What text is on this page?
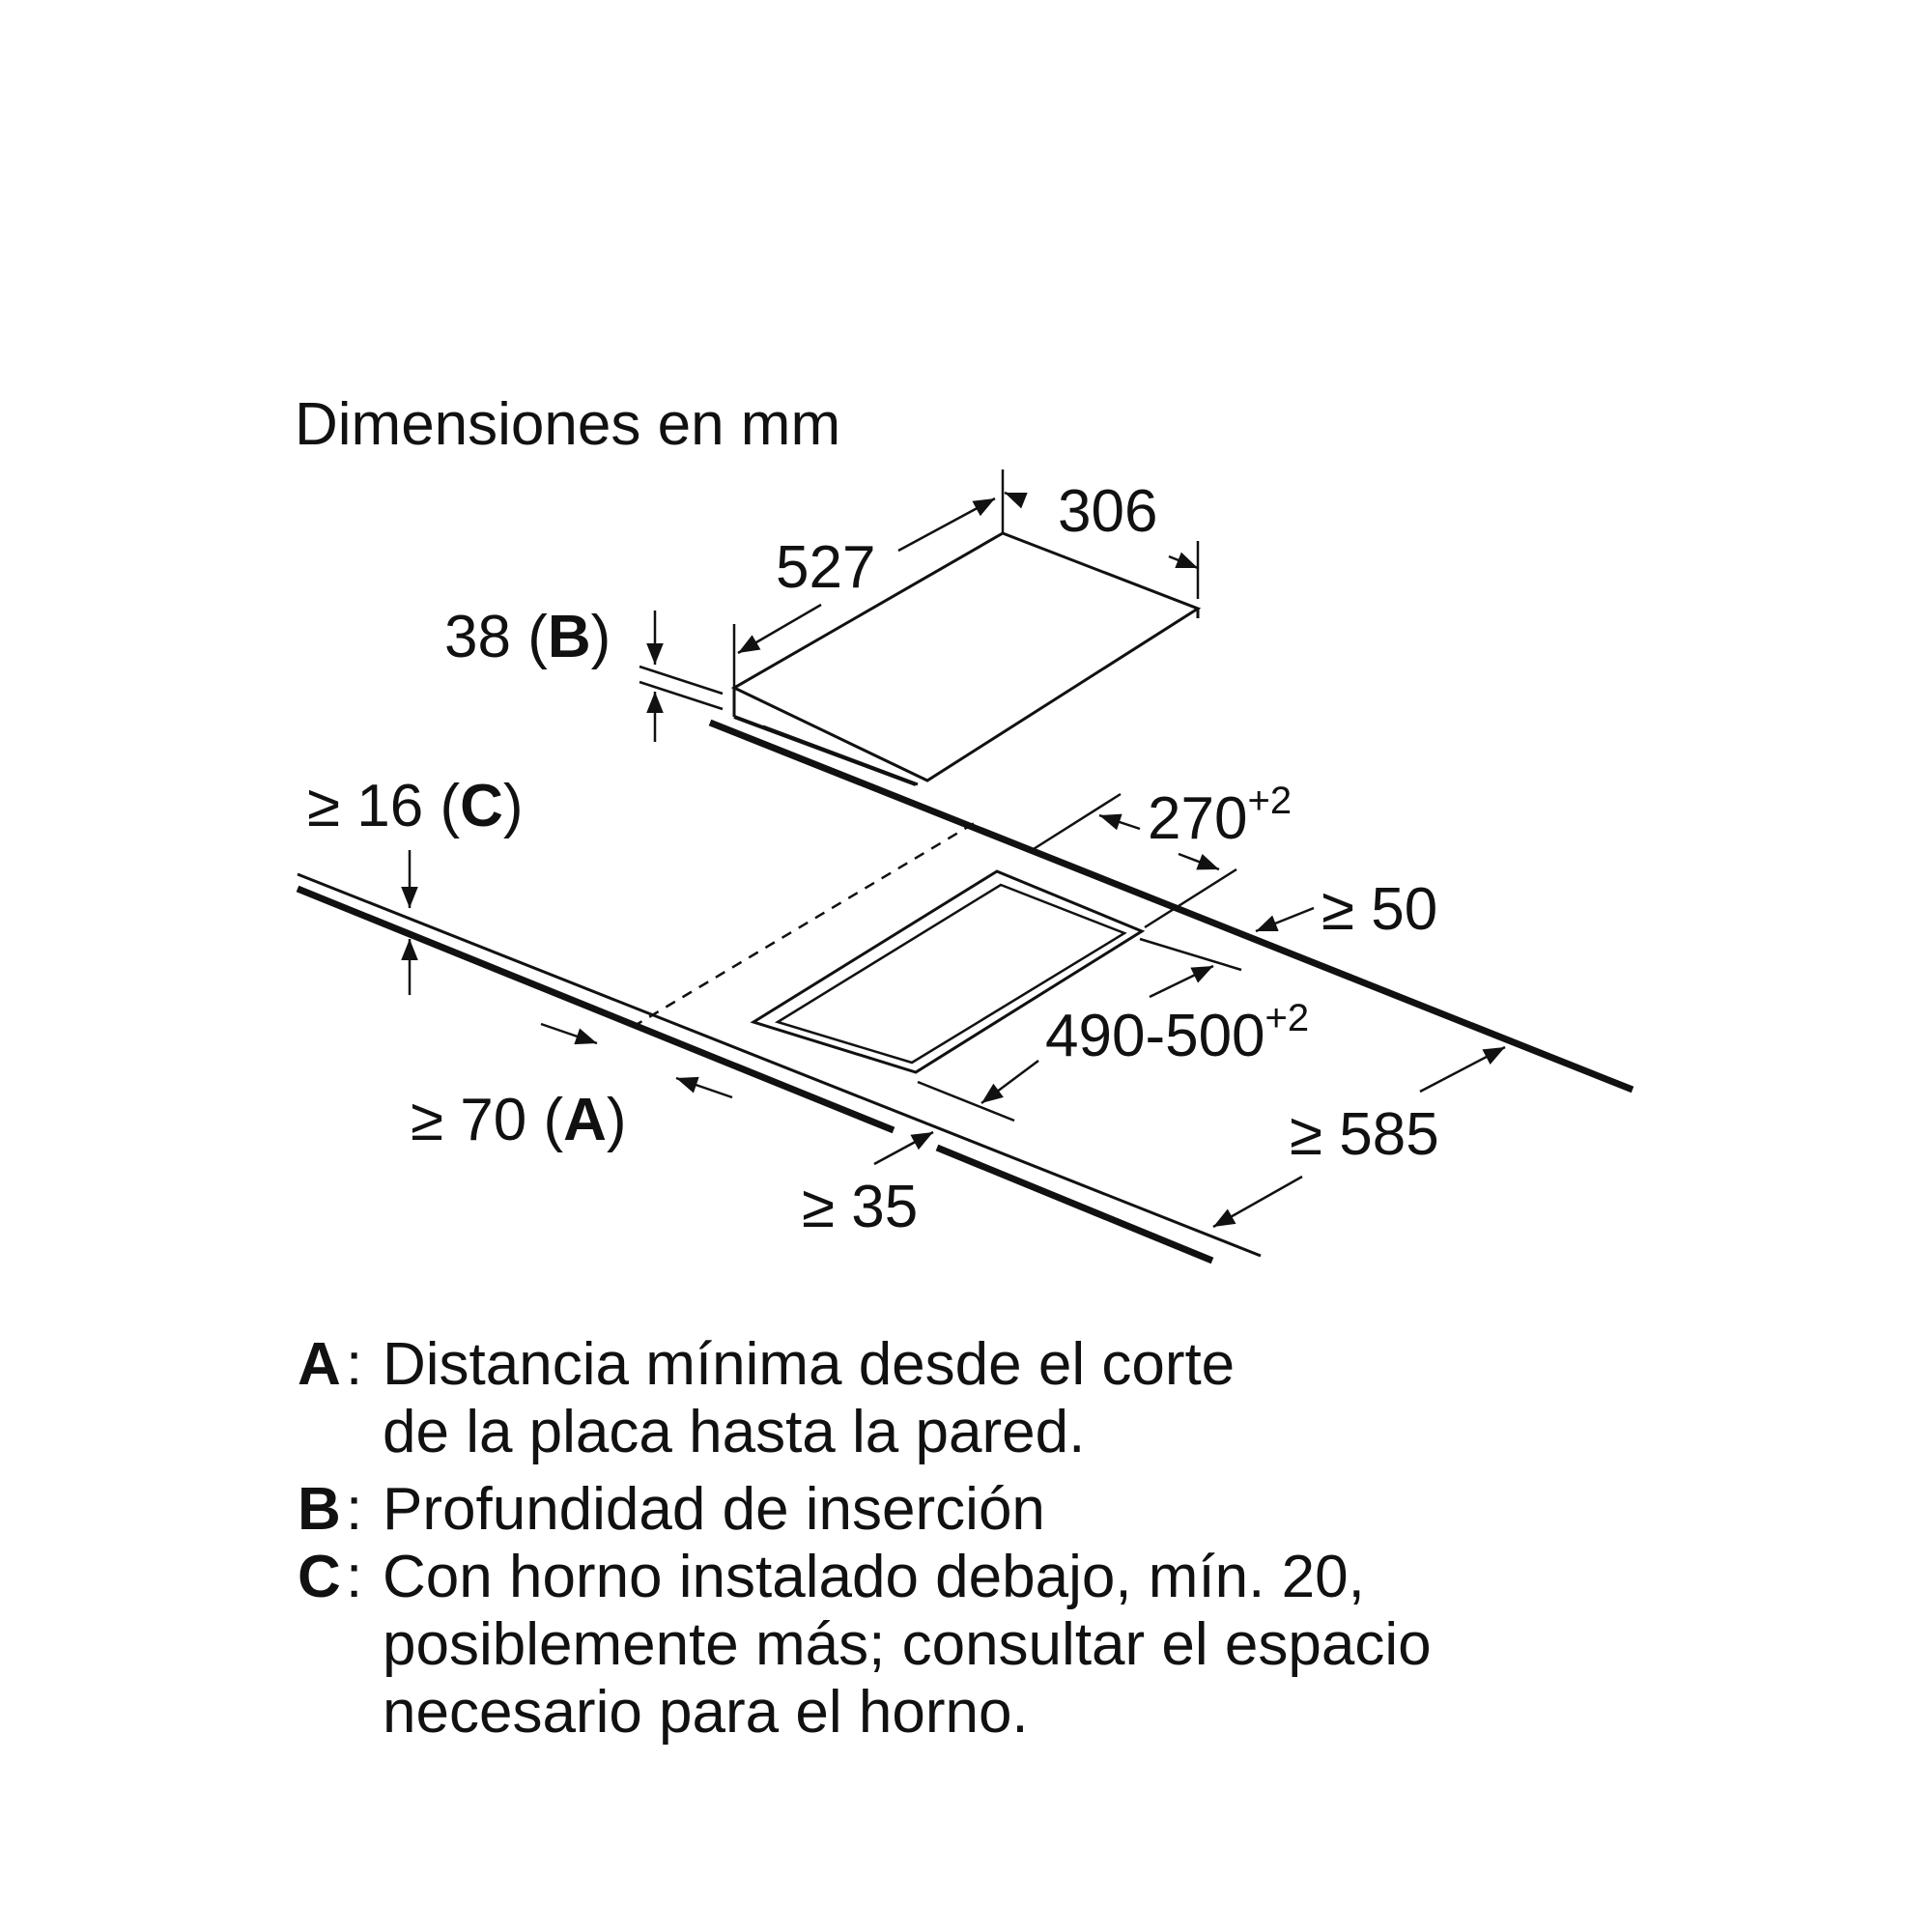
Dimensiones en mm
306
527
38 (B)
≥ 16 (C)	$270^{+2}$
≥ 50
$490-500^{+2}$
≥ 70 (A)
≥ 35
≥ 585
A : Distancia mínima desde el corte
de la placa hasta la pared.
B : Profundidad de inserción
C : Con horno instalado debajo, mín. 20,
posiblemente más; consultar el espacio
necesario para el horno.
